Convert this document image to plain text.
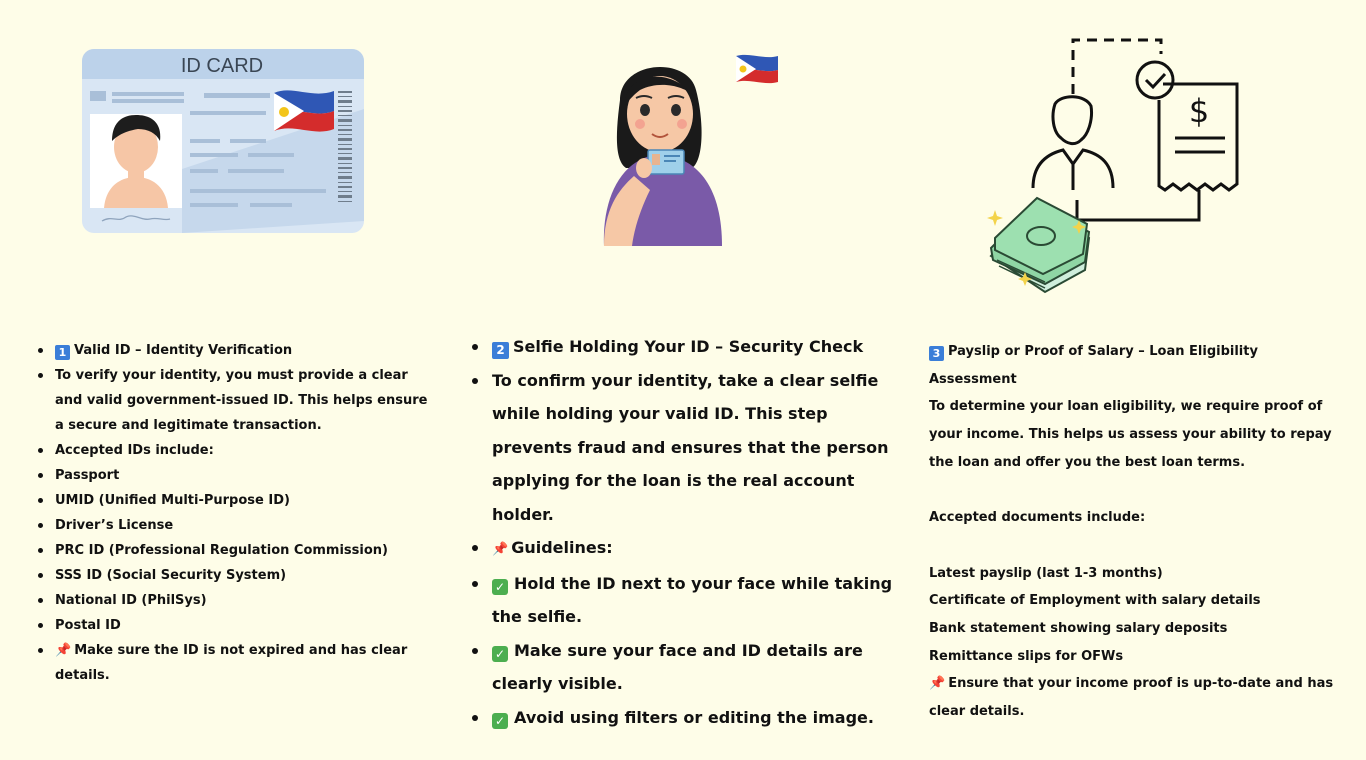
ID CARD
$
1 Valid ID – Identity Verification
To verify your identity, you must provide a clear and valid government-issued ID. This helps ensure a secure and legitimate transaction.
Accepted IDs include:
Passport
UMID (Unified Multi-Purpose ID)
Driver’s License
PRC ID (Professional Regulation Commission)
SSS ID (Social Security System)
National ID (PhilSys)
Postal ID
📌 Make sure the ID is not expired and has clear details.
2 Selfie Holding Your ID – Security Check
To confirm your identity, take a clear selfie while holding your valid ID. This step prevents fraud and ensures that the person applying for the loan is the real account holder.
📌 Guidelines:
✓ Hold the ID next to your face while taking the selfie.
✓ Make sure your face and ID details are clearly visible.
✓ Avoid using filters or editing the image.

3 Payslip or Proof of Salary – Loan Eligibility Assessment

To determine your loan eligibility, we require proof of your income. This helps us assess your ability to repay the loan and offer you the best loan terms.

Accepted documents include:

Latest payslip (last 1-3 months)

Certificate of Employment with salary details

Bank statement showing salary deposits

Remittance slips for OFWs

📌 Ensure that your income proof is up-to-date and has clear details.
